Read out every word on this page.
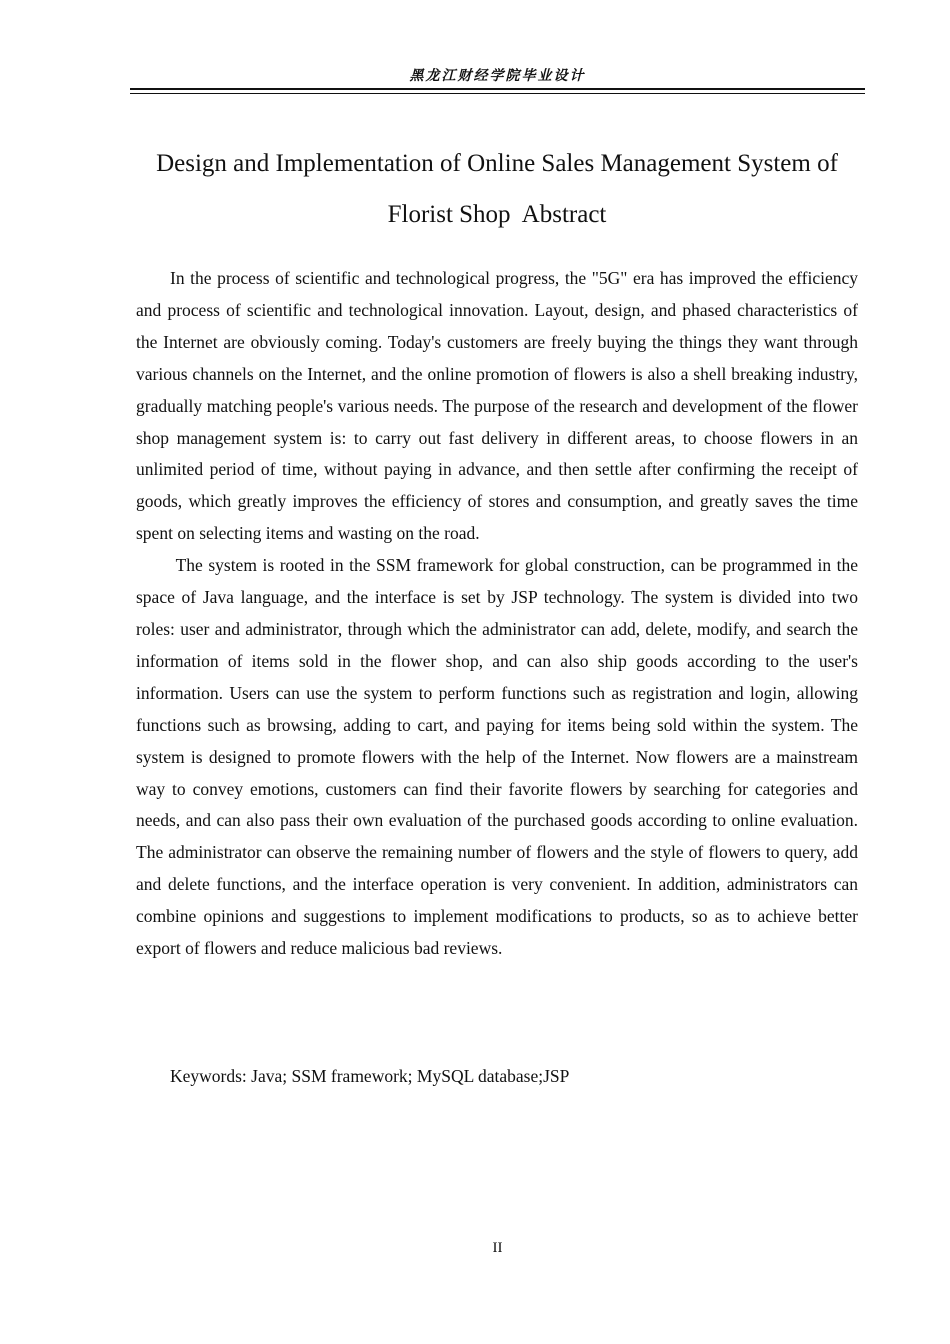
黑龙江财经学院毕业设计
Design and Implementation of Online Sales Management System of
Florist Shop  Abstract

In the process of scientific and technological progress, the "5G" era has improved the efficiency and process of scientific and technological innovation. Layout, design, and phased characteristics of the Internet are obviously coming. Today's customers are freely buying the things they want through various channels on the Internet, and the online promotion of flowers is also a shell breaking industry, gradually matching people's various needs. The purpose of the research and development of the flower shop management system is: to carry out fast delivery in different areas, to choose flowers in an unlimited period of time, without paying in advance, and then settle after confirming the receipt of goods, which greatly improves the efficiency of stores and consumption, and greatly saves the time spent on selecting items and wasting on the road.

The system is rooted in the SSM framework for global construction, can be programmed in the space of Java language, and the interface is set by JSP technology. The system is divided into two roles: user and administrator, through which the administrator can add, delete, modify, and search the information of items sold in the flower shop, and can also ship goods according to the user's information. Users can use the system to perform functions such as registration and login, allowing functions such as browsing, adding to cart, and paying for items being sold within the system. The system is designed to promote flowers with the help of the Internet. Now flowers are a mainstream way to convey emotions, customers can find their favorite flowers by searching for categories and needs, and can also pass their own evaluation of the purchased goods according to online evaluation. The administrator can observe the remaining number of flowers and the style of flowers to query, add and delete functions, and the interface operation is very convenient. In addition, administrators can combine opinions and suggestions to implement modifications to products, so as to achieve better export of flowers and reduce malicious bad reviews.

Keywords: Java; SSM framework; MySQL database;JSP

II
